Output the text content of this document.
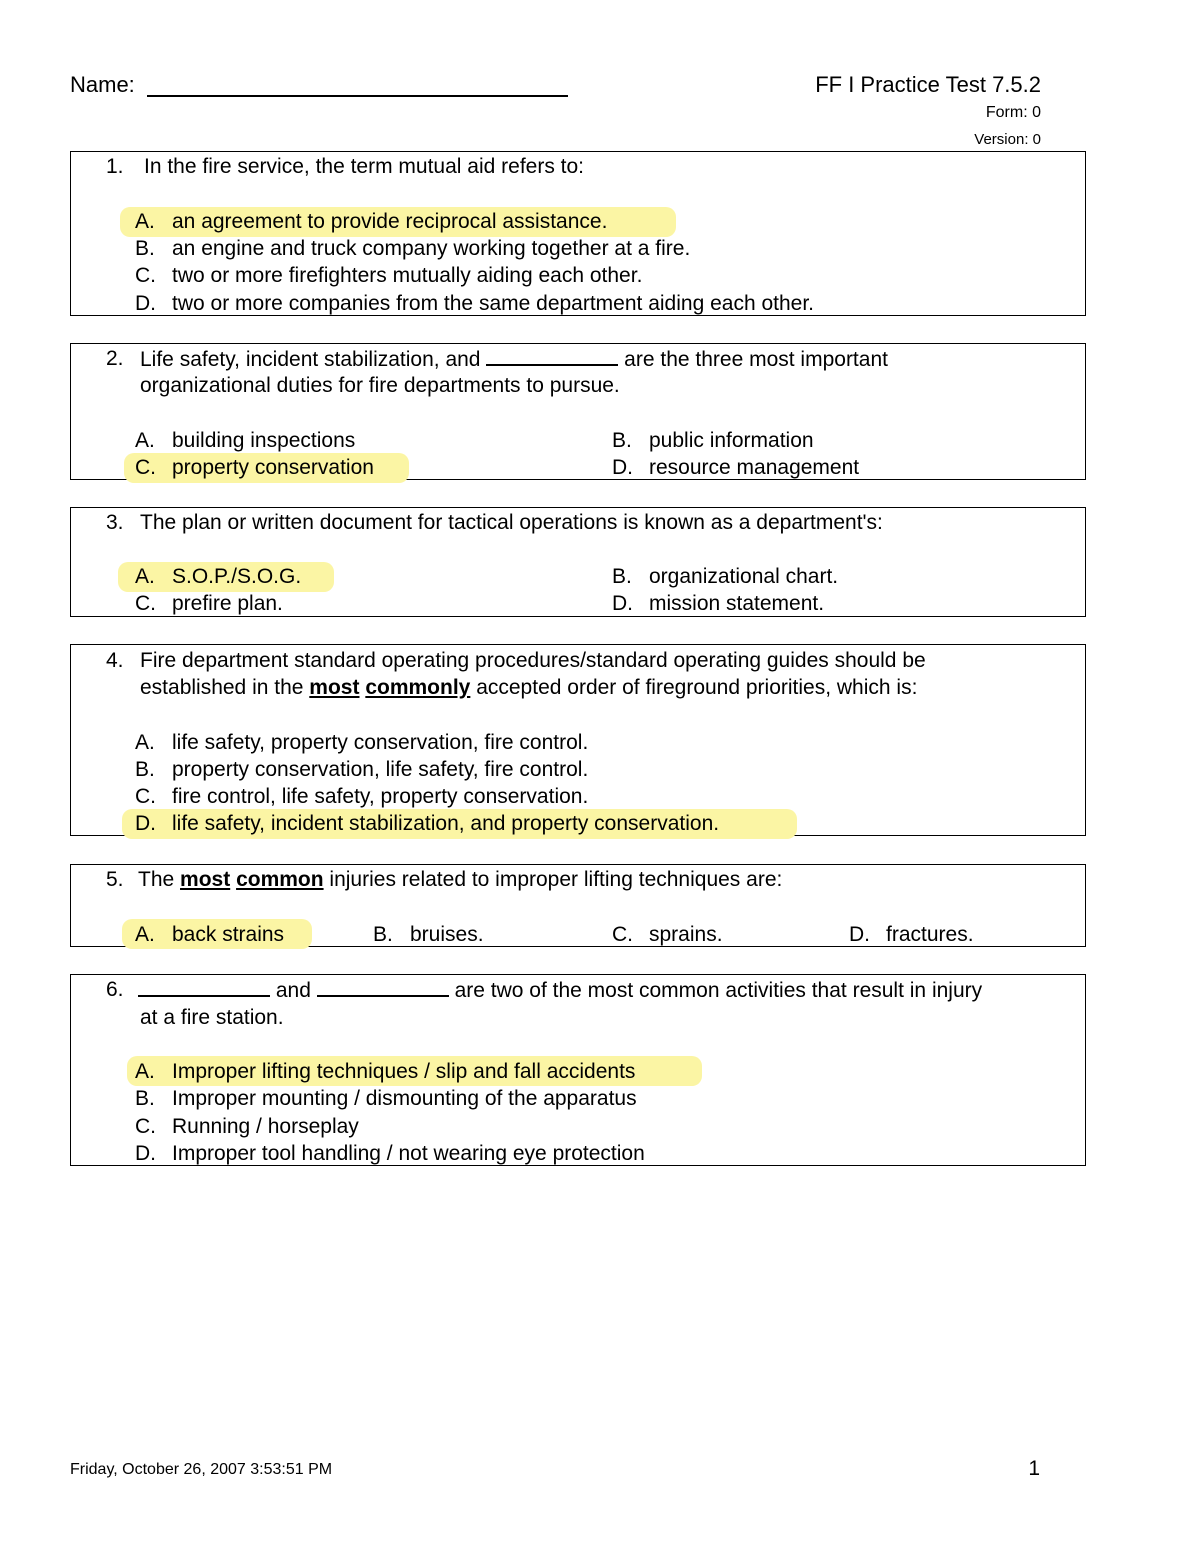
Name:	FF I Practice Test 7.5.2
Form: 0
Version: 0
1. In the fire service, the term mutual aid refers to:
A. an agreement to provide reciprocal assistance.
B. an engine and truck company working together at a fire.
C. two or more firefighters mutually aiding each other.
D. two or more companies from the same department aiding each other.
2. Life safety, incident stabilization, and	are the three most important
organizational duties for fire departments to pursue.
A. building inspections	B. public information
C. property conservation	D. resource management
3. The plan or written document for tactical operations is known as a department's:
A. S.O.P./S.O.G.	B. organizational chart.
C. prefire plan.	D. mission statement.
4. Fire department standard operating procedures/standard operating guides should be
established in the most commonly accepted order of fireground priorities, which is:
A. life safety, property conservation, fire control.
B. property conservation, life safety, fire control.
C. fire control, life safety, property conservation.
D. life safety, incident stabilization, and property conservation.
5. The most common injuries related to improper lifting techniques are:
A. back strains	B. bruises.	C. sprains.	D. fractures.
6.	and	are two of the most common activities that result in injury
at a fire station.
A. Improper lifting techniques / slip and fall accidents
B. Improper mounting / dismounting of the apparatus
C. Running / horseplay
D. Improper tool handling / not wearing eye protection
Friday, October 26, 2007 3:53:51 PM	1
